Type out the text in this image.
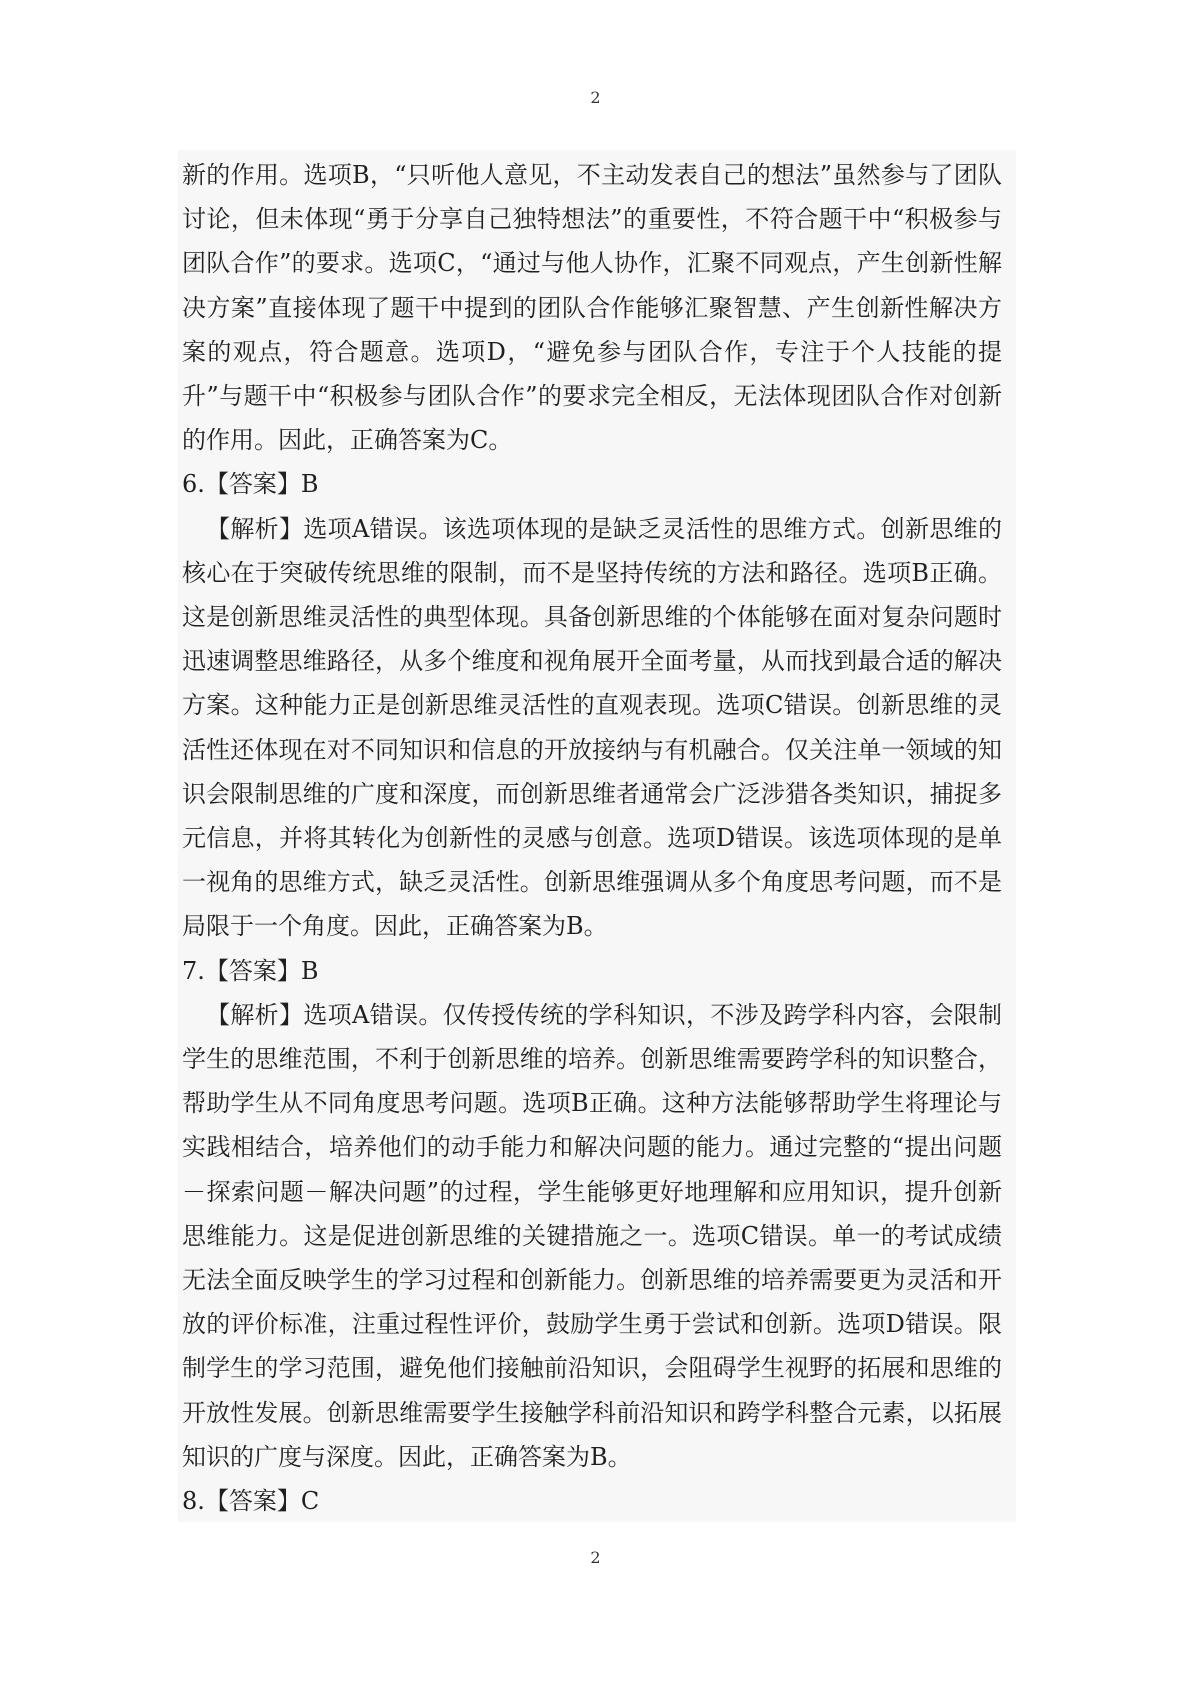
2

新的作用。选项B，“只听他人意见，不主动发表自己的想法”虽然参与了团队讨论，但未体现“勇于分享自己独特想法”的重要性，不符合题干中“积极参与团队合作”的要求。选项C，“通过与他人协作，汇聚不同观点，产生创新性解决方案”直接体现了题干中提到的团队合作能够汇聚智慧、产生创新性解决方案的观点，符合题意。选项D，“避免参与团队合作，专注于个人技能的提升”与题干中“积极参与团队合作”的要求完全相反，无法体现团队合作对创新的作用。因此，正确答案为C。

6.【答案】B

【解析】选项A错误。该选项体现的是缺乏灵活性的思维方式。创新思维的核心在于突破传统思维的限制，而不是坚持传统的方法和路径。选项B正确。这是创新思维灵活性的典型体现。具备创新思维的个体能够在面对复杂问题时迅速调整思维路径，从多个维度和视角展开全面考量，从而找到最合适的解决方案。这种能力正是创新思维灵活性的直观表现。选项C错误。创新思维的灵活性还体现在对不同知识和信息的开放接纳与有机融合。仅关注单一领域的知识会限制思维的广度和深度，而创新思维者通常会广泛涉猎各类知识，捕捉多元信息，并将其转化为创新性的灵感与创意。选项D错误。该选项体现的是单一视角的思维方式，缺乏灵活性。创新思维强调从多个角度思考问题，而不是局限于一个角度。因此，正确答案为B。

7.【答案】B

【解析】选项A错误。仅传授传统的学科知识，不涉及跨学科内容，会限制学生的思维范围，不利于创新思维的培养。创新思维需要跨学科的知识整合，帮助学生从不同角度思考问题。选项B正确。这种方法能够帮助学生将理论与实践相结合，培养他们的动手能力和解决问题的能力。通过完整的“提出问题－探索问题－解决问题”的过程，学生能够更好地理解和应用知识，提升创新思维能力。这是促进创新思维的关键措施之一。选项C错误。单一的考试成绩无法全面反映学生的学习过程和创新能力。创新思维的培养需要更为灵活和开放的评价标准，注重过程性评价，鼓励学生勇于尝试和创新。选项D错误。限制学生的学习范围，避免他们接触前沿知识，会阻碍学生视野的拓展和思维的开放性发展。创新思维需要学生接触学科前沿知识和跨学科整合元素，以拓展知识的广度与深度。因此，正确答案为B。

8.【答案】C

2
